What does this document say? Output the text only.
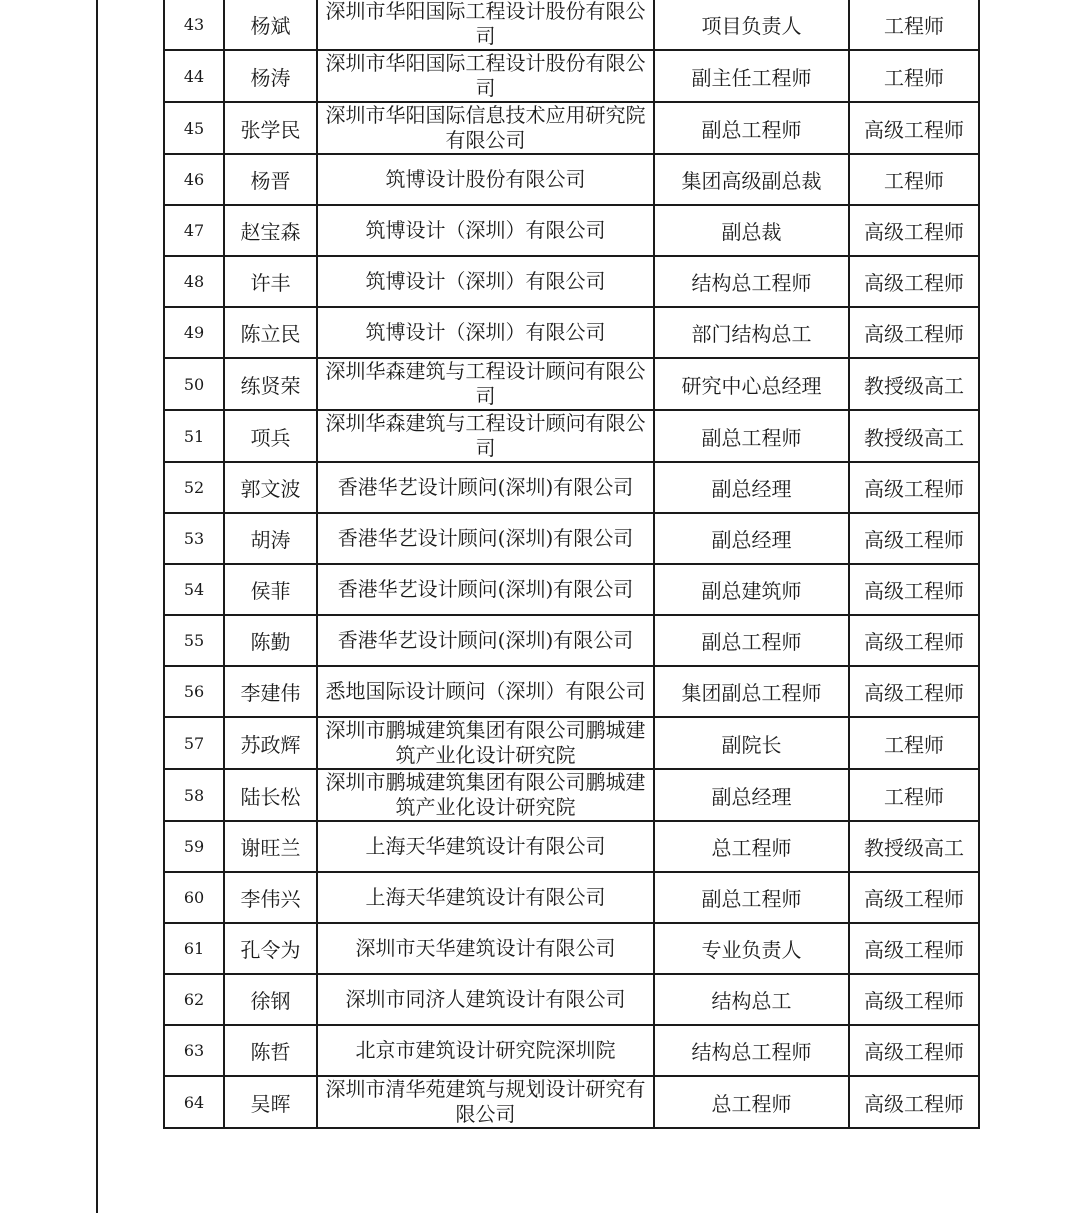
43	杨斌	深圳市华阳国际工程设计股份有限公司	项目负责人	工程师
44	杨涛	深圳市华阳国际工程设计股份有限公司	副主任工程师	工程师
45	张学民	深圳市华阳国际信息技术应用研究院有限公司	副总工程师	高级工程师
46	杨晋	筑博设计股份有限公司	集团高级副总裁	工程师
47	赵宝森	筑博设计（深圳）有限公司	副总裁	高级工程师
48	许丰	筑博设计（深圳）有限公司	结构总工程师	高级工程师
49	陈立民	筑博设计（深圳）有限公司	部门结构总工	高级工程师
50	练贤荣	深圳华森建筑与工程设计顾问有限公司	研究中心总经理	教授级高工
51	项兵	深圳华森建筑与工程设计顾问有限公司	副总工程师	教授级高工
52	郭文波	香港华艺设计顾问(深圳)有限公司	副总经理	高级工程师
53	胡涛	香港华艺设计顾问(深圳)有限公司	副总经理	高级工程师
54	侯菲	香港华艺设计顾问(深圳)有限公司	副总建筑师	高级工程师
55	陈勤	香港华艺设计顾问(深圳)有限公司	副总工程师	高级工程师
56	李建伟	悉地国际设计顾问（深圳）有限公司	集团副总工程师	高级工程师
57	苏政辉	深圳市鹏城建筑集团有限公司鹏城建筑产业化设计研究院	副院长	工程师
58	陆长松	深圳市鹏城建筑集团有限公司鹏城建筑产业化设计研究院	副总经理	工程师
59	谢旺兰	上海天华建筑设计有限公司	总工程师	教授级高工
60	李伟兴	上海天华建筑设计有限公司	副总工程师	高级工程师
61	孔令为	深圳市天华建筑设计有限公司	专业负责人	高级工程师
62	徐钢	深圳市同济人建筑设计有限公司	结构总工	高级工程师
63	陈哲	北京市建筑设计研究院深圳院	结构总工程师	高级工程师
64	吴晖	深圳市清华苑建筑与规划设计研究有限公司	总工程师	高级工程师
